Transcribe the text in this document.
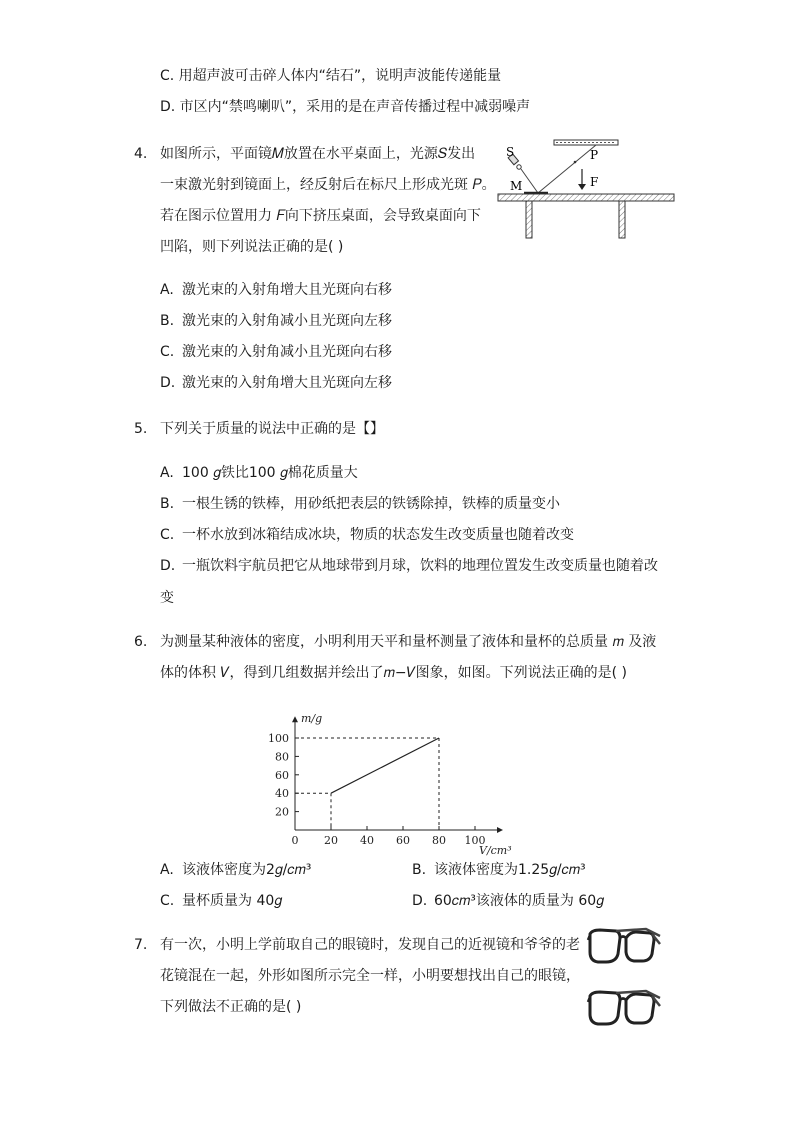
C. 用超声波可击碎人体内“结石”，说明声波能传递能量
D. 市区内“禁鸣喇叭”，采用的是在声音传播过程中减弱噪声
4. 如图所示，平面镜𝑀放置在水平桌面上，光源𝑆发出
一束激光射到镜面上，经反射后在标尺上形成光斑 𝑃。
若在图示位置用力 𝐹向下挤压桌面，会导致桌面向下
凹陷，则下列说法正确的是( )
S	P
M	F
A. 激光束的入射角增大且光斑向右移
B. 激光束的入射角减小且光斑向左移
C. 激光束的入射角减小且光斑向右移
D. 激光束的入射角增大且光斑向左移
5. 下列关于质量的说法中正确的是【】
A. 100 𝑔铁比100 𝑔棉花质量大
B. 一根生锈的铁棒，用砂纸把表层的铁锈除掉，铁棒的质量变小
C. 一杯水放到冰箱结成冰块，物质的状态发生改变质量也随着改变
D. 一瓶饮料宇航员把它从地球带到月球，饮料的地理位置发生改变质量也随着改
变
6. 为测量某种液体的密度，小明利用天平和量杯测量了液体和量杯的总质量 𝑚 及液
体的体积 𝑉，得到几组数据并绘出了𝑚−𝑉图象，如图。下列说法正确的是( )
0 20 40 60 80 100
20
40
60
80
100
m/g
V/cm³
A. 该液体密度为2𝑔/𝑐𝑚³	B. 该液体密度为1.25𝑔/𝑐𝑚³
C. 量杯质量为 40𝑔	D. 60𝑐𝑚³该液体的质量为 60𝑔
7. 有一次，小明上学前取自己的眼镜时，发现自己的近视镜和爷爷的老
花镜混在一起，外形如图所示完全一样，小明要想找出自己的眼镜，
下列做法不正确的是( )
